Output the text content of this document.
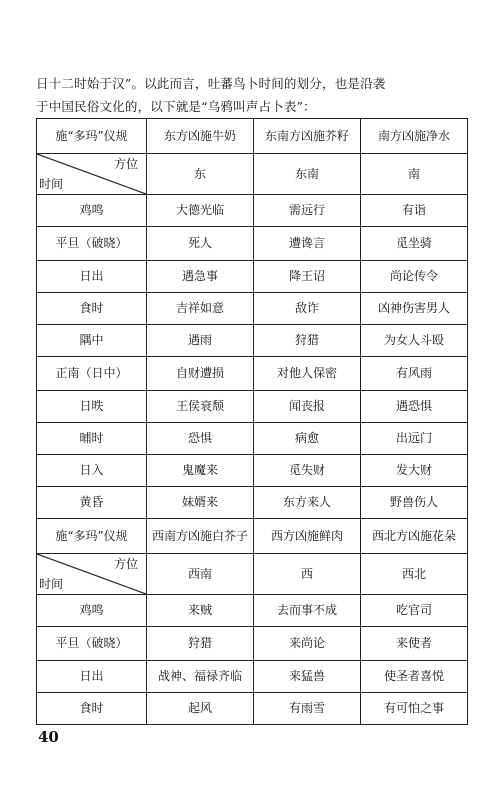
日十二时始于汉”。以此而言，吐蕃鸟卜时间的划分，也是沿袭

于中国民俗文化的，以下就是“乌鸦叫声占卜表”：

施“多玛”仪规	东方凶施牛奶	东南方凶施芥籽	南方凶施净水

方位
时间	东	东南	南
鸡鸣	大德光临	需远行	有诣
平旦（破晓）	死人	遭谗言	觅坐骑
日出	遇急事	降王诏	尚论传令
食时	吉祥如意	敌诈	凶神伤害男人
隅中	遇雨	狩猎	为女人斗殴
正南（日中）	自财遭损	对他人保密	有风雨
日昳	王侯衰颓	闻丧报	遇恐惧
晡时	恐惧	病愈	出远门
日入	鬼魔来	觅失财	发大财
黄昏	妹婿来	东方来人	野兽伤人
施“多玛”仪规	西南方凶施白芥子	西方凶施鲜肉	西北方凶施花朵

方位
时间	西南	西	西北
鸡鸣	来贼	去而事不成	吃官司
平旦（破晓）	狩猎	来尚论	来使者
日出	战神、福禄齐临	来猛兽	使圣者喜悦
食时	起风	有雨雪	有可怕之事
40
